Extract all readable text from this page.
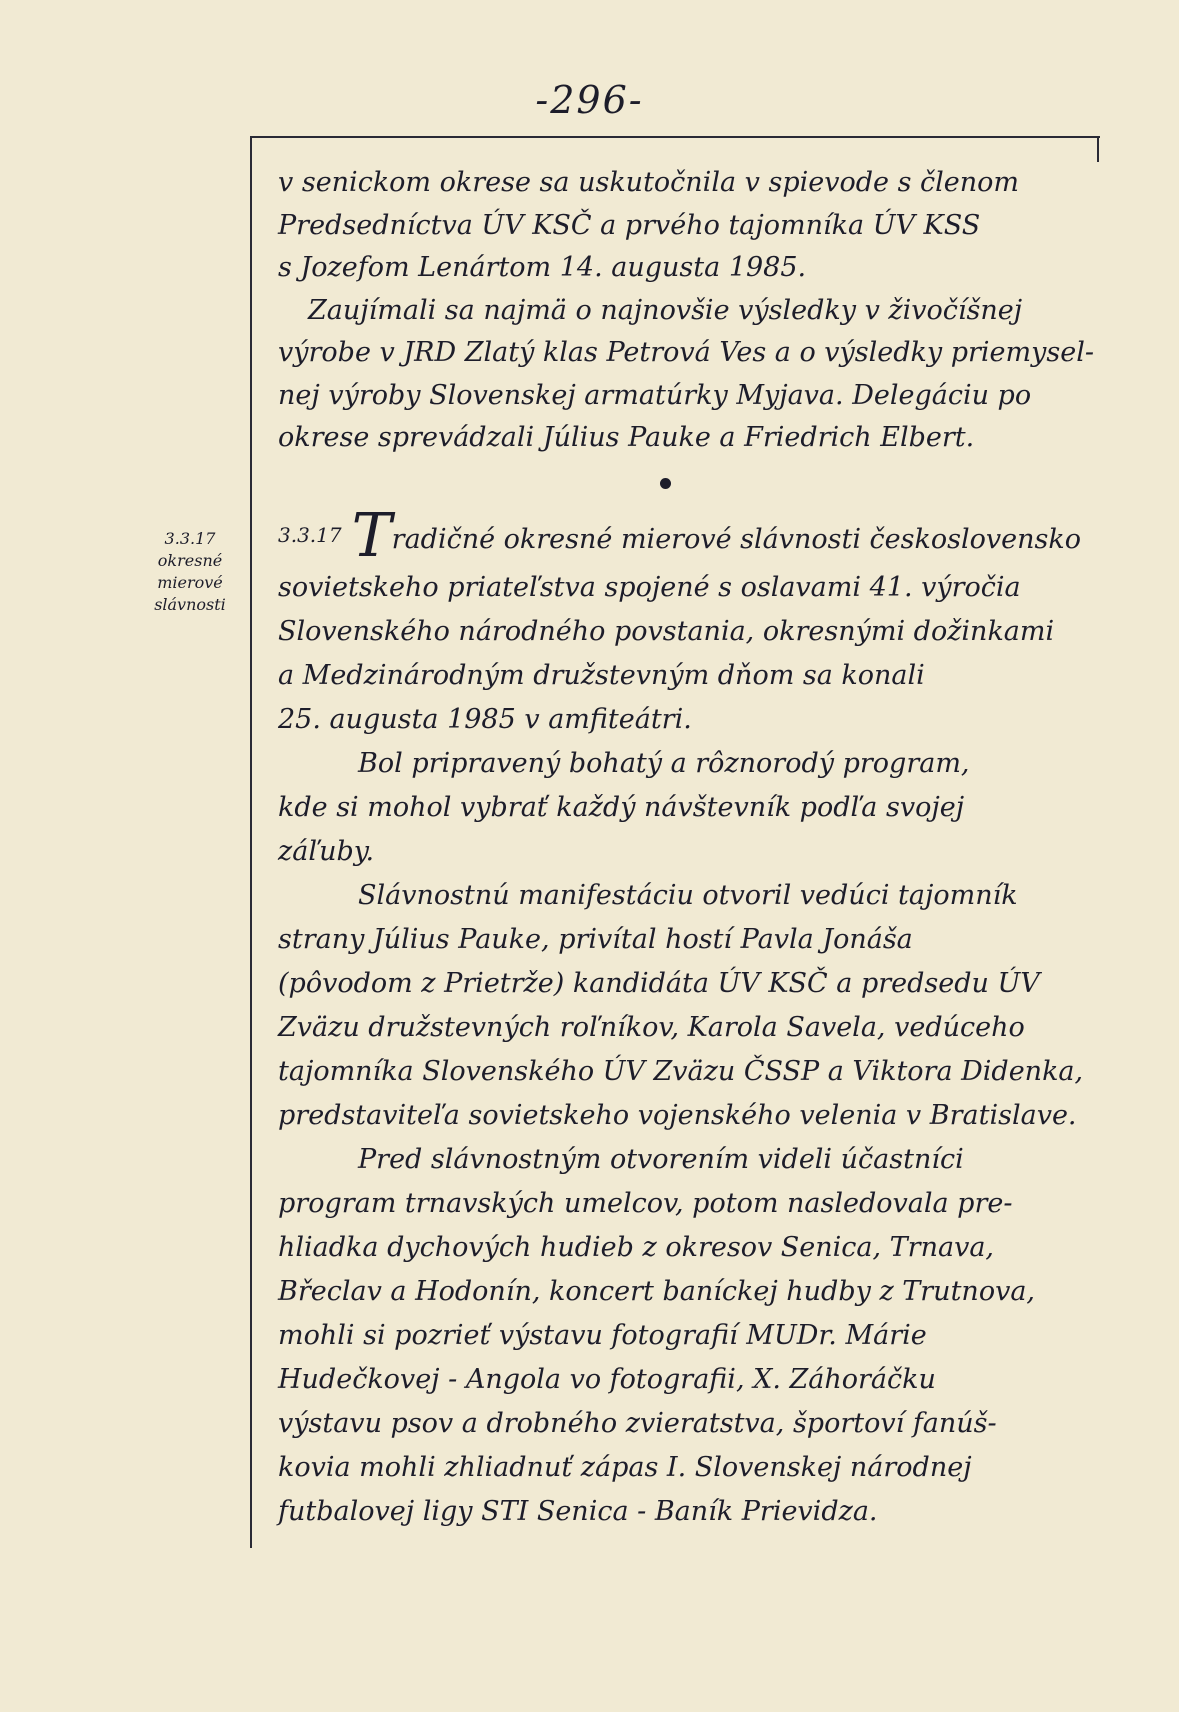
-296-
3.3.17
okresné
mierové
slávnosti
v senickom okrese sa uskutočnila v spievode s členom
Predsedníctva ÚV KSČ a prvého tajomníka ÚV KSS
s Jozefom Lenártom 14. augusta 1985.
Zaujímali sa najmä o najnovšie výsledky v živočíšnej
výrobe v JRD Zlatý klas Petrová Ves a o výsledky priemysel-
nej výroby Slovenskej armatúrky Myjava. Delegáciu po
okrese sprevádzali Július Pauke a Friedrich Elbert.
$^{3.3.17}$ Tradičné okresné mierové slávnosti československo
sovietskeho priateľstva spojené s oslavami 41. výročia
Slovenského národného povstania, okresnými dožinkami
a Medzinárodným družstevným dňom sa konali
25. augusta 1985 v amfiteátri.
Bol pripravený bohatý a rôznorodý program,
kde si mohol vybrať každý návštevník podľa svojej
záľuby.
Slávnostnú manifestáciu otvoril vedúci tajomník
strany Július Pauke, privítal hostí Pavla Jonáša
(pôvodom z Prietrže) kandidáta ÚV KSČ a predsedu ÚV
Zväzu družstevných roľníkov, Karola Savela, vedúceho
tajomníka Slovenského ÚV Zväzu ČSSP a Viktora Didenka,
predstaviteľa sovietskeho vojenského velenia v Bratislave.
Pred slávnostným otvorením videli účastníci
program trnavských umelcov, potom nasledovala pre-
hliadka dychových hudieb z okresov Senica, Trnava,
Břeclav a Hodonín, koncert baníckej hudby z Trutnova,
mohli si pozrieť výstavu fotografií MUDr. Márie
Hudečkovej - Angola vo fotografii, X. Záhoráčku
výstavu psov a drobného zvieratstva, športoví fanúš-
kovia mohli zhliadnuť zápas I. Slovenskej národnej
futbalovej ligy STI Senica - Baník Prievidza.
